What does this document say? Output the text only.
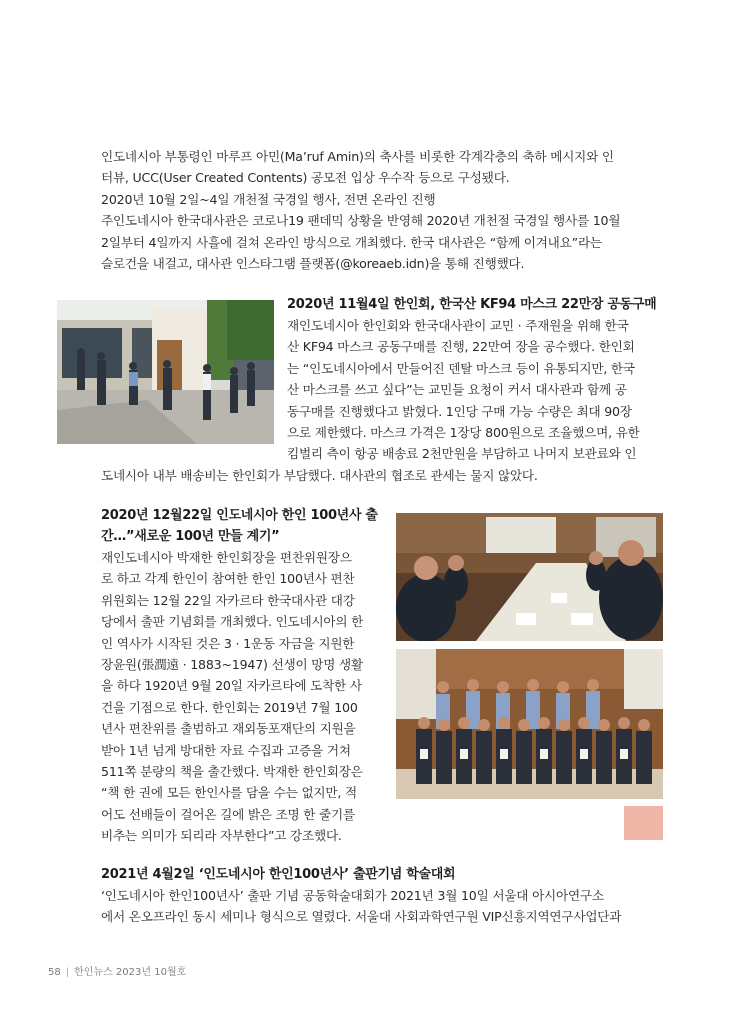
인도네시아 부통령인 마루프 아민(Ma’ruf Amin)의 축사를 비롯한 각계각층의 축하 메시지와 인
터뷰, UCC(User Created Contents) 공모전 입상 우수작 등으로 구성됐다.
2020년 10월 2일~4일 개천절 국경일 행사, 전면 온라인 진행
주인도네시아 한국대사관은 코로나19 팬데믹 상황을 반영해 2020년 개천절 국경일 행사를 10월
2일부터 4일까지 사흘에 걸쳐 온라인 방식으로 개최했다. 한국 대사관은 “함께 이겨내요”라는
슬로건을 내걸고, 대사관 인스타그램 플랫폼(@koreaeb.idn)을 통해 진행했다.

2020년 11월4일 한인회, 한국산 KF94 마스크 22만장 공동구매

재인도네시아 한인회와 한국대사관이 교민 · 주재원을 위해 한국
산 KF94 마스크 공동구매를 진행, 22만여 장을 공수했다. 한인회
는 “인도네시아에서 만들어진 덴탈 마스크 등이 유통되지만, 한국
산 마스크를 쓰고 싶다”는 교민들 요청이 커서 대사관과 함께 공
동구매를 진행했다고 밝혔다. 1인당 구매 가능 수량은 최대 90장
으로 제한했다. 마스크 가격은 1장당 800원으로 조율했으며, 유한
킴벌리 측이 항공 배송료 2천만원을 부담하고 나머지 보관료와 인

도네시아 내부 배송비는 한인회가 부담했다. 대사관의 협조로 관세는 물지 않았다.

2020년 12월22일 인도네시아 한인 100년사 출
간…”새로운 100년 만들 계기”
재인도네시아 박재한 한인회장을 편찬위원장으
로 하고 각계 한인이 참여한 한인 100년사 편찬
위원회는 12월 22일 자카르타 한국대사관 대강
당에서 출판 기념회를 개최했다. 인도네시아의 한
인 역사가 시작된 것은 3 · 1운동 자금을 지원한
장윤원(張潤遠 · 1883~1947) 선생이 망명 생활
을 하다 1920년 9월 20일 자카르타에 도착한 사
건을 기점으로 한다. 한인회는 2019년 7월 100
년사 편찬위를 출범하고 재외동포재단의 지원을
받아 1년 넘게 방대한 자료 수집과 고증을 거쳐
511쪽 분량의 책을 출간했다. 박재한 한인회장은
“책 한 권에 모든 한인사를 담을 수는 없지만, 적
어도 선배들이 걸어온 길에 밝은 조명 한 줄기를
비추는 의미가 되리라 자부한다”고 강조했다.

2021년 4월2일 ‘인도네시아 한인100년사’ 출판기념 학술대회

‘인도네시아 한인100년사’ 출판 기념 공동학술대회가 2021년 3월 10일 서울대 아시아연구소
에서 온오프라인 동시 세미나 형식으로 열렸다. 서울대 사회과학연구원 VIP신흥지역연구사업단과
58 | 한인뉴스 2023년 10월호
